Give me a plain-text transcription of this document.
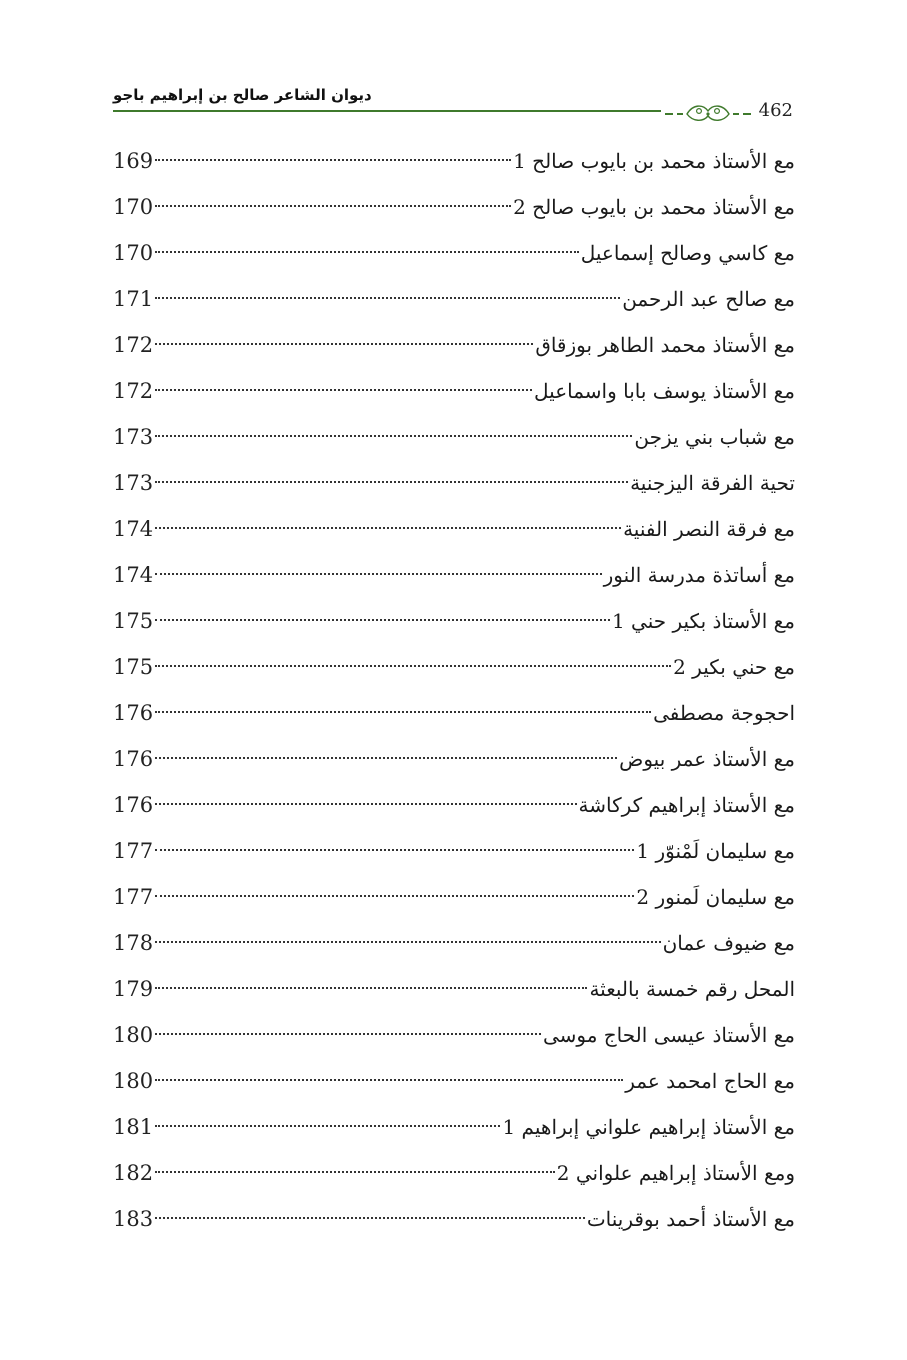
ديوان الشاعر صالح بن إبراهيم باجو
462
مع الأستاذ محمد بن بايوب صالح 1
169
مع الأستاذ محمد بن بايوب صالح 2
170
مع كاسي وصالح إسماعيل
170
مع صالح عبد الرحمن
171
مع الأستاذ محمد الطاهر بوزقاق
172
مع الأستاذ يوسف بابا واسماعيل
172
مع شباب بني يزجن
173
تحية الفرقة اليزجنية
173
مع فرقة النصر الفنية
174
مع أساتذة مدرسة النور
174
مع الأستاذ بكير حني 1
175
مع حني بكير 2
175
احجوجة مصطفى
176
مع الأستاذ عمر بيوض
176
مع الأستاذ إبراهيم كركاشة
176
مع سليمان لَمْنوّر 1
177
مع سليمان لَمنور 2
177
مع ضيوف عمان
178
المحل رقم خمسة بالبعثة
179
مع الأستاذ عيسى الحاج موسى
180
مع الحاج امحمد عمر
180
مع الأستاذ إبراهيم علواني إبراهيم 1
181
ومع الأستاذ إبراهيم علواني 2
182
مع الأستاذ أحمد بوقرينات
183
